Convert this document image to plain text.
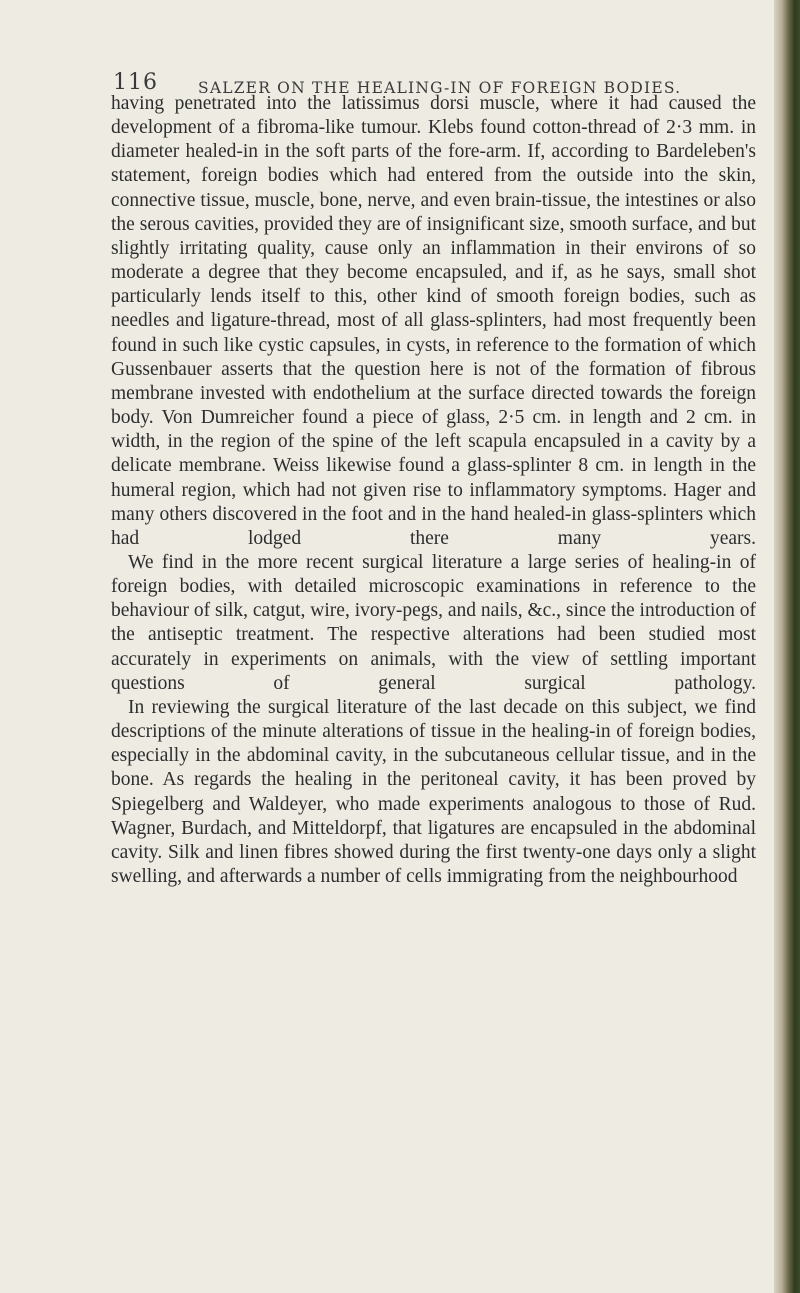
116	SALZER ON THE HEALING-IN OF FOREIGN BODIES.

having penetrated into the latissimus dorsi muscle, where it had caused the development of a fibroma-like tumour. Klebs found cotton-thread of 2·3 mm. in diameter healed-in in the soft parts of the fore-arm. If, according to Bardeleben's statement, foreign bodies which had entered from the outside into the skin, connective tissue, muscle, bone, nerve, and even brain-tissue, the intestines or also the serous cavities, provided they are of insignificant size, smooth surface, and but slightly irritating quality, cause only an inflammation in their environs of so moderate a degree that they become encapsuled, and if, as he says, small shot particularly lends itself to this, other kind of smooth foreign bodies, such as needles and ligature-thread, most of all glass-splinters, had most frequently been found in such like cystic capsules, in cysts, in reference to the formation of which Gussenbauer asserts that the question here is not of the formation of fibrous membrane invested with endothelium at the surface directed towards the foreign body. Von Dumreicher found a piece of glass, 2·5 cm. in length and 2 cm. in width, in the region of the spine of the left scapula encapsuled in a cavity by a delicate membrane. Weiss likewise found a glass-splinter 8 cm. in length in the humeral region, which had not given rise to inflammatory symptoms. Hager and many others discovered in the foot and in the hand healed-in glass-splinters which had lodged there many years.

We find in the more recent surgical literature a large series of healing-in of foreign bodies, with detailed microscopic examinations in reference to the behaviour of silk, catgut, wire, ivory-pegs, and nails, &c., since the introduction of the antiseptic treatment. The respective alterations had been studied most accurately in experiments on animals, with the view of settling important questions of general surgical pathology.

In reviewing the surgical literature of the last decade on this subject, we find descriptions of the minute alterations of tissue in the healing-in of foreign bodies, especially in the abdominal cavity, in the subcutaneous cellular tissue, and in the bone. As regards the healing in the peritoneal cavity, it has been proved by Spiegelberg and Waldeyer, who made experiments analogous to those of Rud. Wagner, Burdach, and Mitteldorpf, that ligatures are encapsuled in the abdominal cavity. Silk and linen fibres showed during the first twenty-one days only a slight swelling, and afterwards a number of cells immigrating from the neighbourhood
